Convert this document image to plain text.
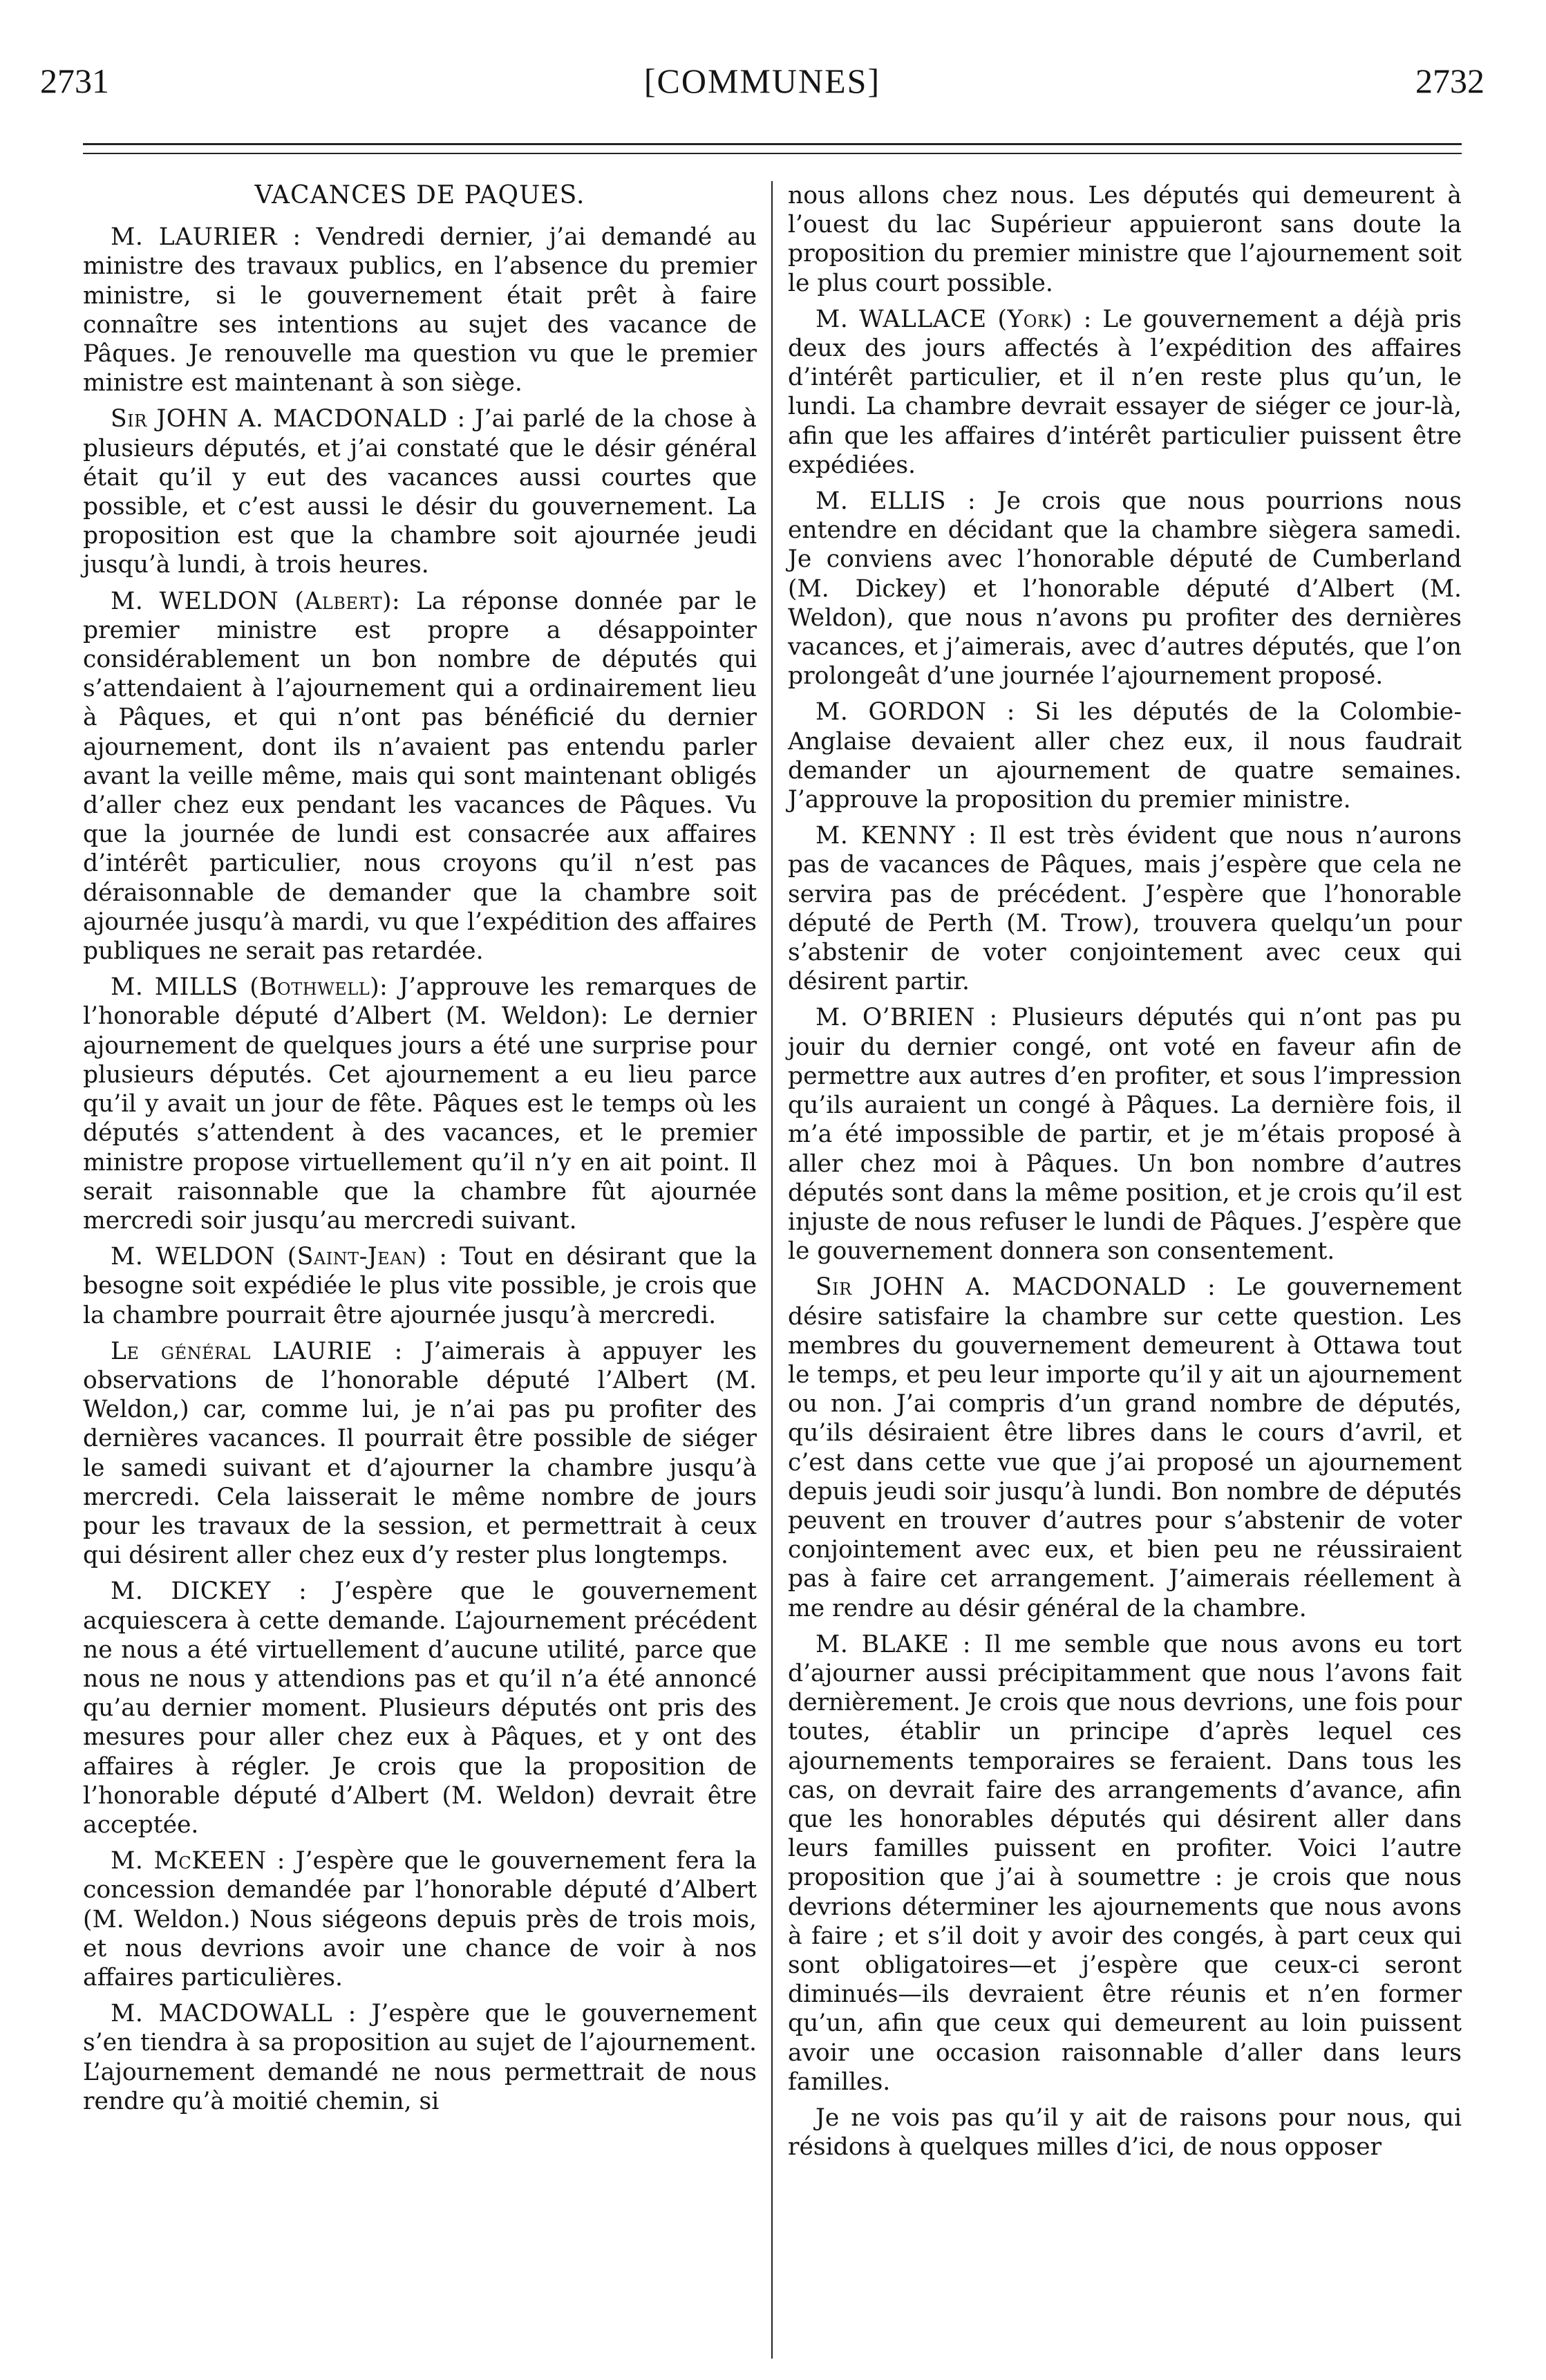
2731	[COMMUNES]	2732
VACANCES DE PAQUES.

M. LAURIER : Vendredi dernier, j’ai demandé au ministre des travaux publics, en l’absence du premier ministre, si le gouvernement était prêt à faire connaître ses intentions au sujet des vacance de Pâques. Je renouvelle ma question vu que le premier ministre est maintenant à son siège.

Sir JOHN A. MACDONALD : J’ai parlé de la chose à plusieurs députés, et j’ai constaté que le désir général était qu’il y eut des vacances aussi courtes que possible, et c’est aussi le désir du gouvernement. La proposition est que la chambre soit ajournée jeudi jusqu’à lundi, à trois heures.

M. WELDON (Albert): La réponse donnée par le premier ministre est propre a désappointer considérablement un bon nombre de députés qui s’attendaient à l’ajournement qui a ordinairement lieu à Pâques, et qui n’ont pas bénéficié du dernier ajournement, dont ils n’avaient pas entendu parler avant la veille même, mais qui sont maintenant obligés d’aller chez eux pendant les vacances de Pâques. Vu que la journée de lundi est consacrée aux affaires d’intérêt particulier, nous croyons qu’il n’est pas déraisonnable de demander que la chambre soit ajournée jusqu’à mardi, vu que l’expédition des affaires publiques ne serait pas retardée.

M. MILLS (Bothwell): J’approuve les remarques de l’honorable député d’Albert (M. Weldon): Le dernier ajournement de quelques jours a été une surprise pour plusieurs députés. Cet ajournement a eu lieu parce qu’il y avait un jour de fête. Pâques est le temps où les députés s’attendent à des vacances, et le premier ministre propose virtuellement qu’il n’y en ait point. Il serait raisonnable que la chambre fût ajournée mercredi soir jusqu’au mercredi suivant.

M. WELDON (Saint-Jean) : Tout en désirant que la besogne soit expédiée le plus vite possible, je crois que la chambre pourrait être ajournée jusqu’à mercredi.

Le général LAURIE : J’aimerais à appuyer les observations de l’honorable député l’Albert (M. Weldon,) car, comme lui, je n’ai pas pu profiter des dernières vacances. Il pourrait être possible de siéger le samedi suivant et d’ajourner la chambre jusqu’à mercredi. Cela laisserait le même nombre de jours pour les travaux de la session, et permettrait à ceux qui désirent aller chez eux d’y rester plus longtemps.

M. DICKEY : J’espère que le gouvernement acquiescera à cette demande. L’ajournement précédent ne nous a été virtuellement d’aucune utilité, parce que nous ne nous y attendions pas et qu’il n’a été annoncé qu’au dernier moment. Plusieurs députés ont pris des mesures pour aller chez eux à Pâques, et y ont des affaires à régler. Je crois que la proposition de l’honorable député d’Albert (M. Weldon) devrait être acceptée.

M. McKEEN : J’espère que le gouvernement fera la concession demandée par l’honorable député d’Albert (M. Weldon.) Nous siégeons depuis près de trois mois, et nous devrions avoir une chance de voir à nos affaires particulières.

M. MACDOWALL : J’espère que le gouvernement s’en tiendra à sa proposition au sujet de l’ajournement. L’ajournement demandé ne nous permettrait de nous rendre qu’à moitié chemin, si

nous allons chez nous. Les députés qui demeurent à l’ouest du lac Supérieur appuieront sans doute la proposition du premier ministre que l’ajournement soit le plus court possible.

M. WALLACE (York) : Le gouvernement a déjà pris deux des jours affectés à l’expédition des affaires d’intérêt particulier, et il n’en reste plus qu’un, le lundi. La chambre devrait essayer de siéger ce jour-là, afin que les affaires d’intérêt particulier puissent être expédiées.

M. ELLIS : Je crois que nous pourrions nous entendre en décidant que la chambre siègera samedi. Je conviens avec l’honorable député de Cumberland (M. Dickey) et l’honorable député d’Albert (M. Weldon), que nous n’avons pu profiter des dernières vacances, et j’aimerais, avec d’autres députés, que l’on prolongeât d’une journée l’ajournement proposé.

M. GORDON : Si les députés de la Colombie-Anglaise devaient aller chez eux, il nous faudrait demander un ajournement de quatre semaines. J’approuve la proposition du premier ministre.

M. KENNY : Il est très évident que nous n’aurons pas de vacances de Pâques, mais j’espère que cela ne servira pas de précédent. J’espère que l’honorable député de Perth (M. Trow), trouvera quelqu’un pour s’abstenir de voter conjointement avec ceux qui désirent partir.

M. O’BRIEN : Plusieurs députés qui n’ont pas pu jouir du dernier congé, ont voté en faveur afin de permettre aux autres d’en profiter, et sous l’impression qu’ils auraient un congé à Pâques. La dernière fois, il m’a été impossible de partir, et je m’étais proposé à aller chez moi à Pâques. Un bon nombre d’autres députés sont dans la même position, et je crois qu’il est injuste de nous refuser le lundi de Pâques. J’espère que le gouvernement donnera son consentement.

Sir JOHN A. MACDONALD : Le gouvernement désire satisfaire la chambre sur cette question. Les membres du gouvernement demeurent à Ottawa tout le temps, et peu leur importe qu’il y ait un ajournement ou non. J’ai compris d’un grand nombre de députés, qu’ils désiraient être libres dans le cours d’avril, et c’est dans cette vue que j’ai proposé un ajournement depuis jeudi soir jusqu’à lundi. Bon nombre de députés peuvent en trouver d’autres pour s’abstenir de voter conjointement avec eux, et bien peu ne réussiraient pas à faire cet arrangement. J’aimerais réellement à me rendre au désir général de la chambre.

M. BLAKE : Il me semble que nous avons eu tort d’ajourner aussi précipitamment que nous l’avons fait dernièrement. Je crois que nous devrions, une fois pour toutes, établir un principe d’après lequel ces ajournements temporaires se feraient. Dans tous les cas, on devrait faire des arrangements d’avance, afin que les honorables députés qui désirent aller dans leurs familles puissent en profiter. Voici l’autre proposition que j’ai à soumettre : je crois que nous devrions déterminer les ajournements que nous avons à faire ; et s’il doit y avoir des congés, à part ceux qui sont obligatoires—et j’espère que ceux-ci seront diminués—ils devraient être réunis et n’en former qu’un, afin que ceux qui demeurent au loin puissent avoir une occasion raisonnable d’aller dans leurs familles.

Je ne vois pas qu’il y ait de raisons pour nous, qui résidons à quelques milles d’ici, de nous opposer
